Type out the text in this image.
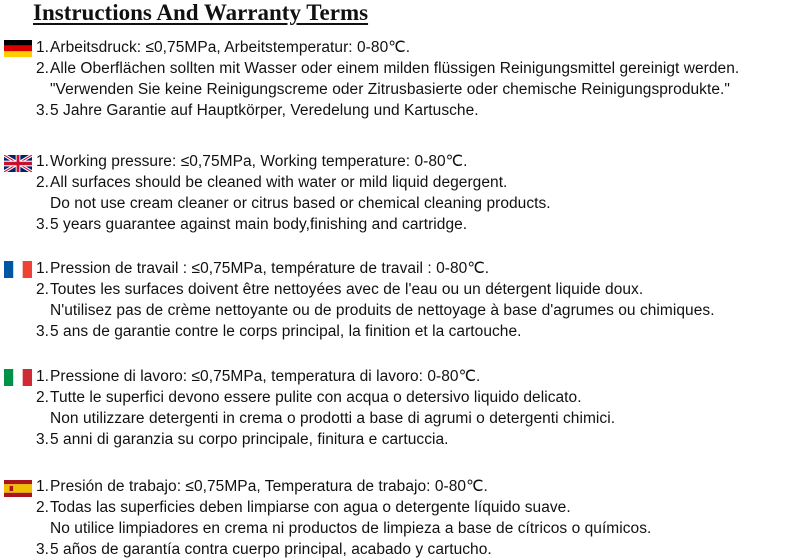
Instructions And Warranty Terms
1.Arbeitsdruck: ≤0,75MPa, Arbeitstemperatur: 0-80℃.
2.Alle Oberflächen sollten mit Wasser oder einem milden flüssigen Reinigungsmittel gereinigt werden.
"Verwenden Sie keine Reinigungscreme oder Zitrusbasierte oder chemische Reinigungsprodukte."
3.5 Jahre Garantie auf Hauptkörper, Veredelung und Kartusche.
1.Working pressure: ≤0,75MPa, Working temperature: 0-80℃.
2.All surfaces should be cleaned with water or mild liquid degergent.
Do not use cream cleaner or citrus based or chemical cleaning products.
3.5 years guarantee against main body,finishing and cartridge.
1.Pression de travail : ≤0,75MPa, température de travail : 0-80℃.
2.Toutes les surfaces doivent être nettoyées avec de l'eau ou un détergent liquide doux.
N'utilisez pas de crème nettoyante ou de produits de nettoyage à base d'agrumes ou chimiques.
3.5 ans de garantie contre le corps principal, la finition et la cartouche.
1.Pressione di lavoro: ≤0,75MPa, temperatura di lavoro: 0-80℃.
2.Tutte le superfici devono essere pulite con acqua o detersivo liquido delicato.
Non utilizzare detergenti in crema o prodotti a base di agrumi o detergenti chimici.
3.5 anni di garanzia su corpo principale, finitura e cartuccia.
1.Presión de trabajo: ≤0,75MPa, Temperatura de trabajo: 0-80℃.
2.Todas las superficies deben limpiarse con agua o detergente líquido suave.
No utilice limpiadores en crema ni productos de limpieza a base de cítricos o químicos.
3.5 años de garantía contra cuerpo principal, acabado y cartucho.
